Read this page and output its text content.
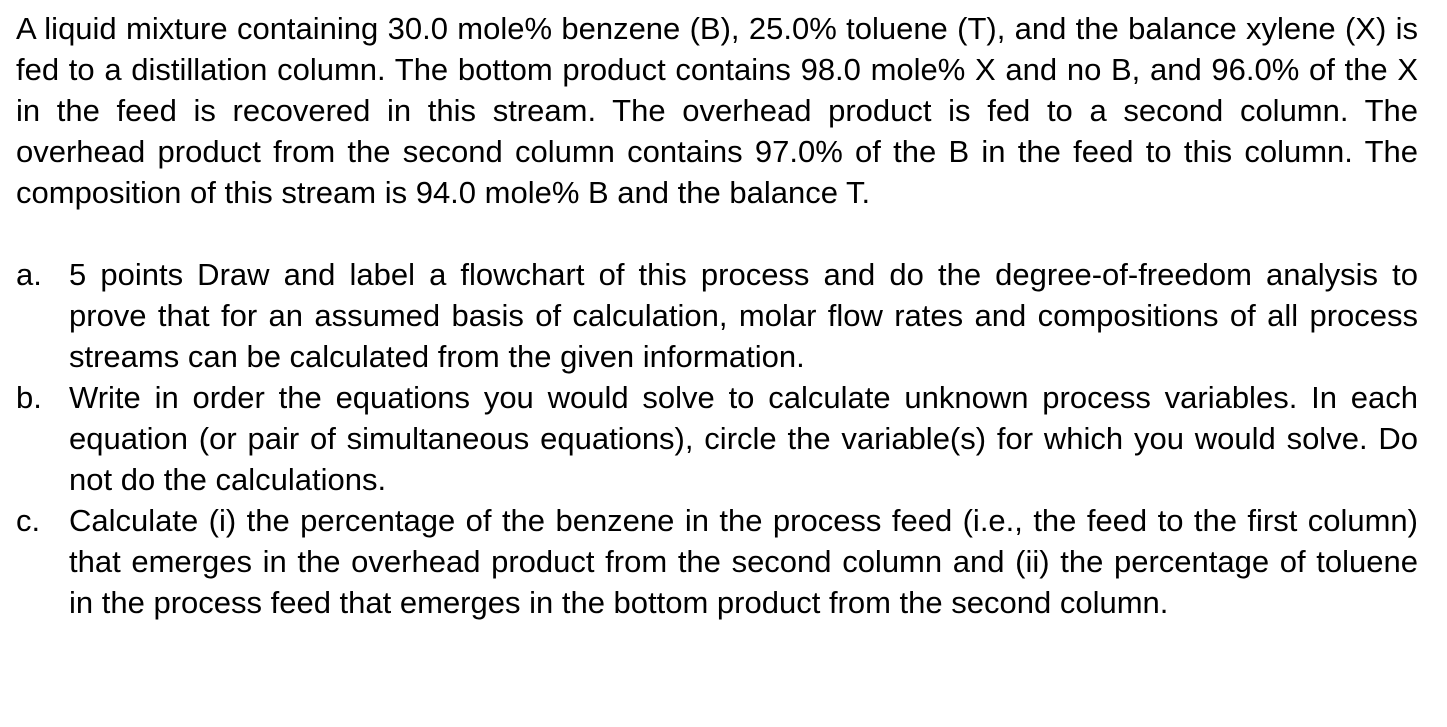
A liquid mixture containing 30.0 mole% benzene (B), 25.0% toluene (T), and the balance xylene (X) is fed to a distillation column. The bottom product contains 98.0 mole% X and no B, and 96.0% of the X in the feed is recovered in this stream. The overhead product is fed to a second column. The overhead product from the second column contains 97.0% of the B in the feed to this column. The composition of this stream is 94.0 mole% B and the balance T.

a. 5 points Draw and label a flowchart of this process and do the degree-of-freedom analysis to prove that for an assumed basis of calculation, molar flow rates and compositions of all process streams can be calculated from the given information.
b. Write in order the equations you would solve to calculate unknown process variables. In each equation (or pair of simultaneous equations), circle the variable(s) for which you would solve. Do not do the calculations.
c. Calculate (i) the percentage of the benzene in the process feed (i.e., the feed to the first column) that emerges in the overhead product from the second column and (ii) the percentage of toluene in the process feed that emerges in the bottom product from the second column.
